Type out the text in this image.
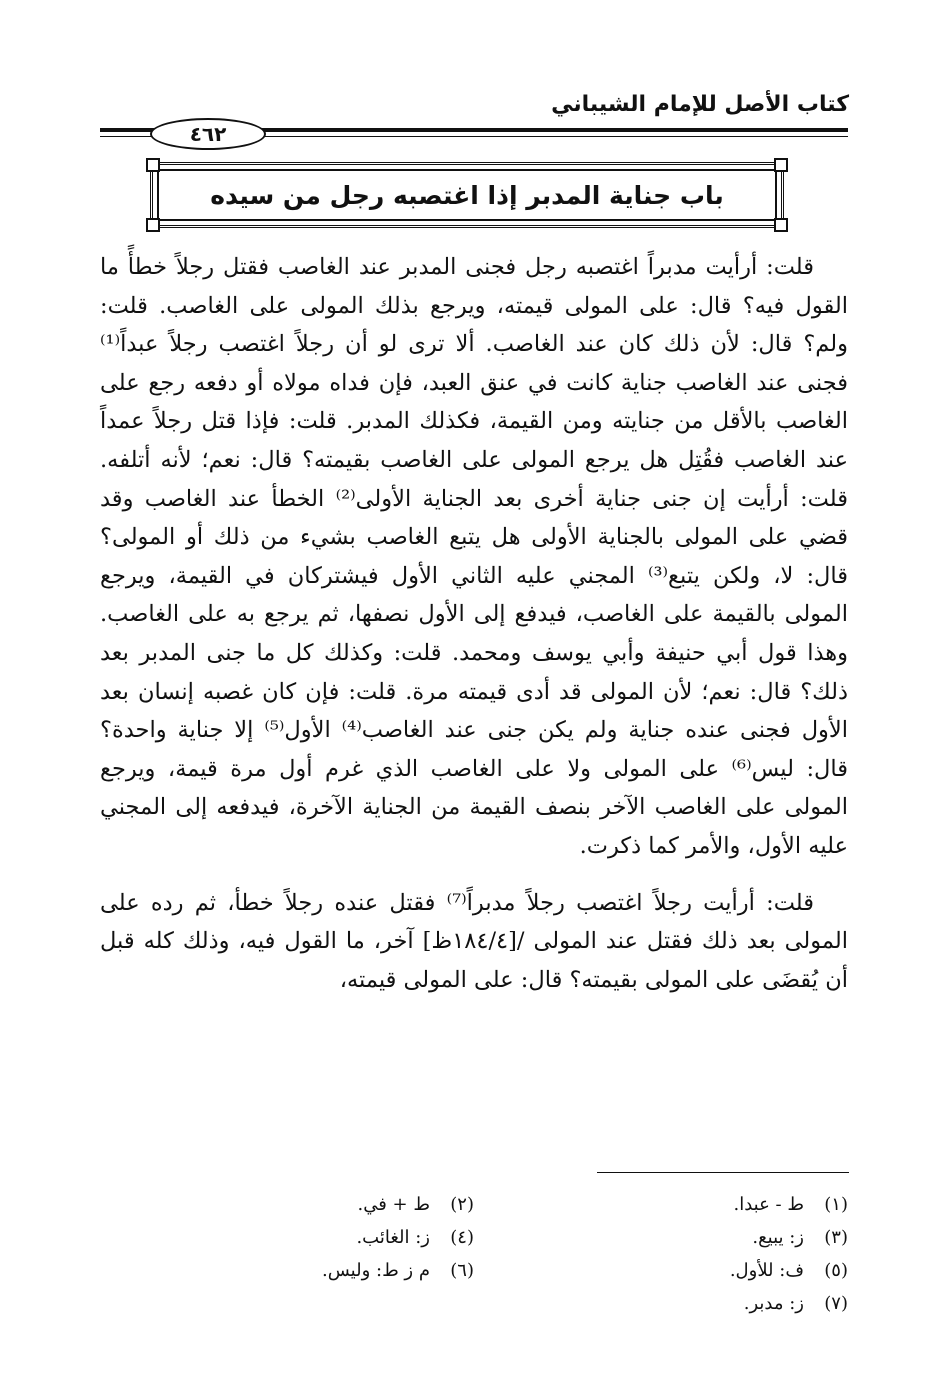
كتاب الأصل للإمام الشيباني
٤٦٢
باب جناية المدبر إذا اغتصبه رجل من سيده

قلت: أرأيت مدبراً اغتصبه رجل فجنى المدبر عند الغاصب فقتل رجلاً خطأً ما القول فيه؟ قال: على المولى قيمته، ويرجع بذلك المولى على الغاصب. قلت: ولم؟ قال: لأن ذلك كان عند الغاصب. ألا ترى لو أن رجلاً اغتصب رجلاً عبداً⁽¹⁾ فجنى عند الغاصب جناية كانت في عنق العبد، فإن فداه مولاه أو دفعه رجع على الغاصب بالأقل من جنايته ومن القيمة، فكذلك المدبر. قلت: فإذا قتل رجلاً عمداً عند الغاصب فقُتِل هل يرجع المولى على الغاصب بقيمته؟ قال: نعم؛ لأنه أتلفه. قلت: أرأيت إن جنى جناية أخرى بعد الجناية الأولى⁽²⁾ الخطأ عند الغاصب وقد قضي على المولى بالجناية الأولى هل يتبع الغاصب بشيء من ذلك أو المولى؟ قال: لا، ولكن يتبع⁽³⁾ المجني عليه الثاني الأول فيشتركان في القيمة، ويرجع المولى بالقيمة على الغاصب، فيدفع إلى الأول نصفها، ثم يرجع به على الغاصب. وهذا قول أبي حنيفة وأبي يوسف ومحمد. قلت: وكذلك كل ما جنى المدبر بعد ذلك؟ قال: نعم؛ لأن المولى قد أدى قيمته مرة. قلت: فإن كان غصبه إنسان بعد الأول فجنى عنده جناية ولم يكن جنى عند الغاصب⁽⁴⁾ الأول⁽⁵⁾ إلا جناية واحدة؟ قال: ليس⁽⁶⁾ على المولى ولا على الغاصب الذي غرم أول مرة قيمة، ويرجع المولى على الغاصب الآخر بنصف القيمة من الجناية الآخرة، فيدفعه إلى المجني عليه الأول، والأمر كما ذكرت.

قلت: أرأيت رجلاً اغتصب رجلاً مدبراً⁽⁷⁾ فقتل عنده رجلاً خطأ، ثم رده على المولى بعد ذلك فقتل عند المولى /[١٨٤/٤ظ] آخر، ما القول فيه، وذلك كله قبل أن يُقضَى على المولى بقيمته؟ قال: على المولى قيمته،

(١)ط - عبدا.
(٢)ط + في.
(٣)ز: يبيع.
(٤)ز: الغائب.
(٥)ف: للأول.
(٦)م ز ط: وليس.
(٧)ز: مدبر.
